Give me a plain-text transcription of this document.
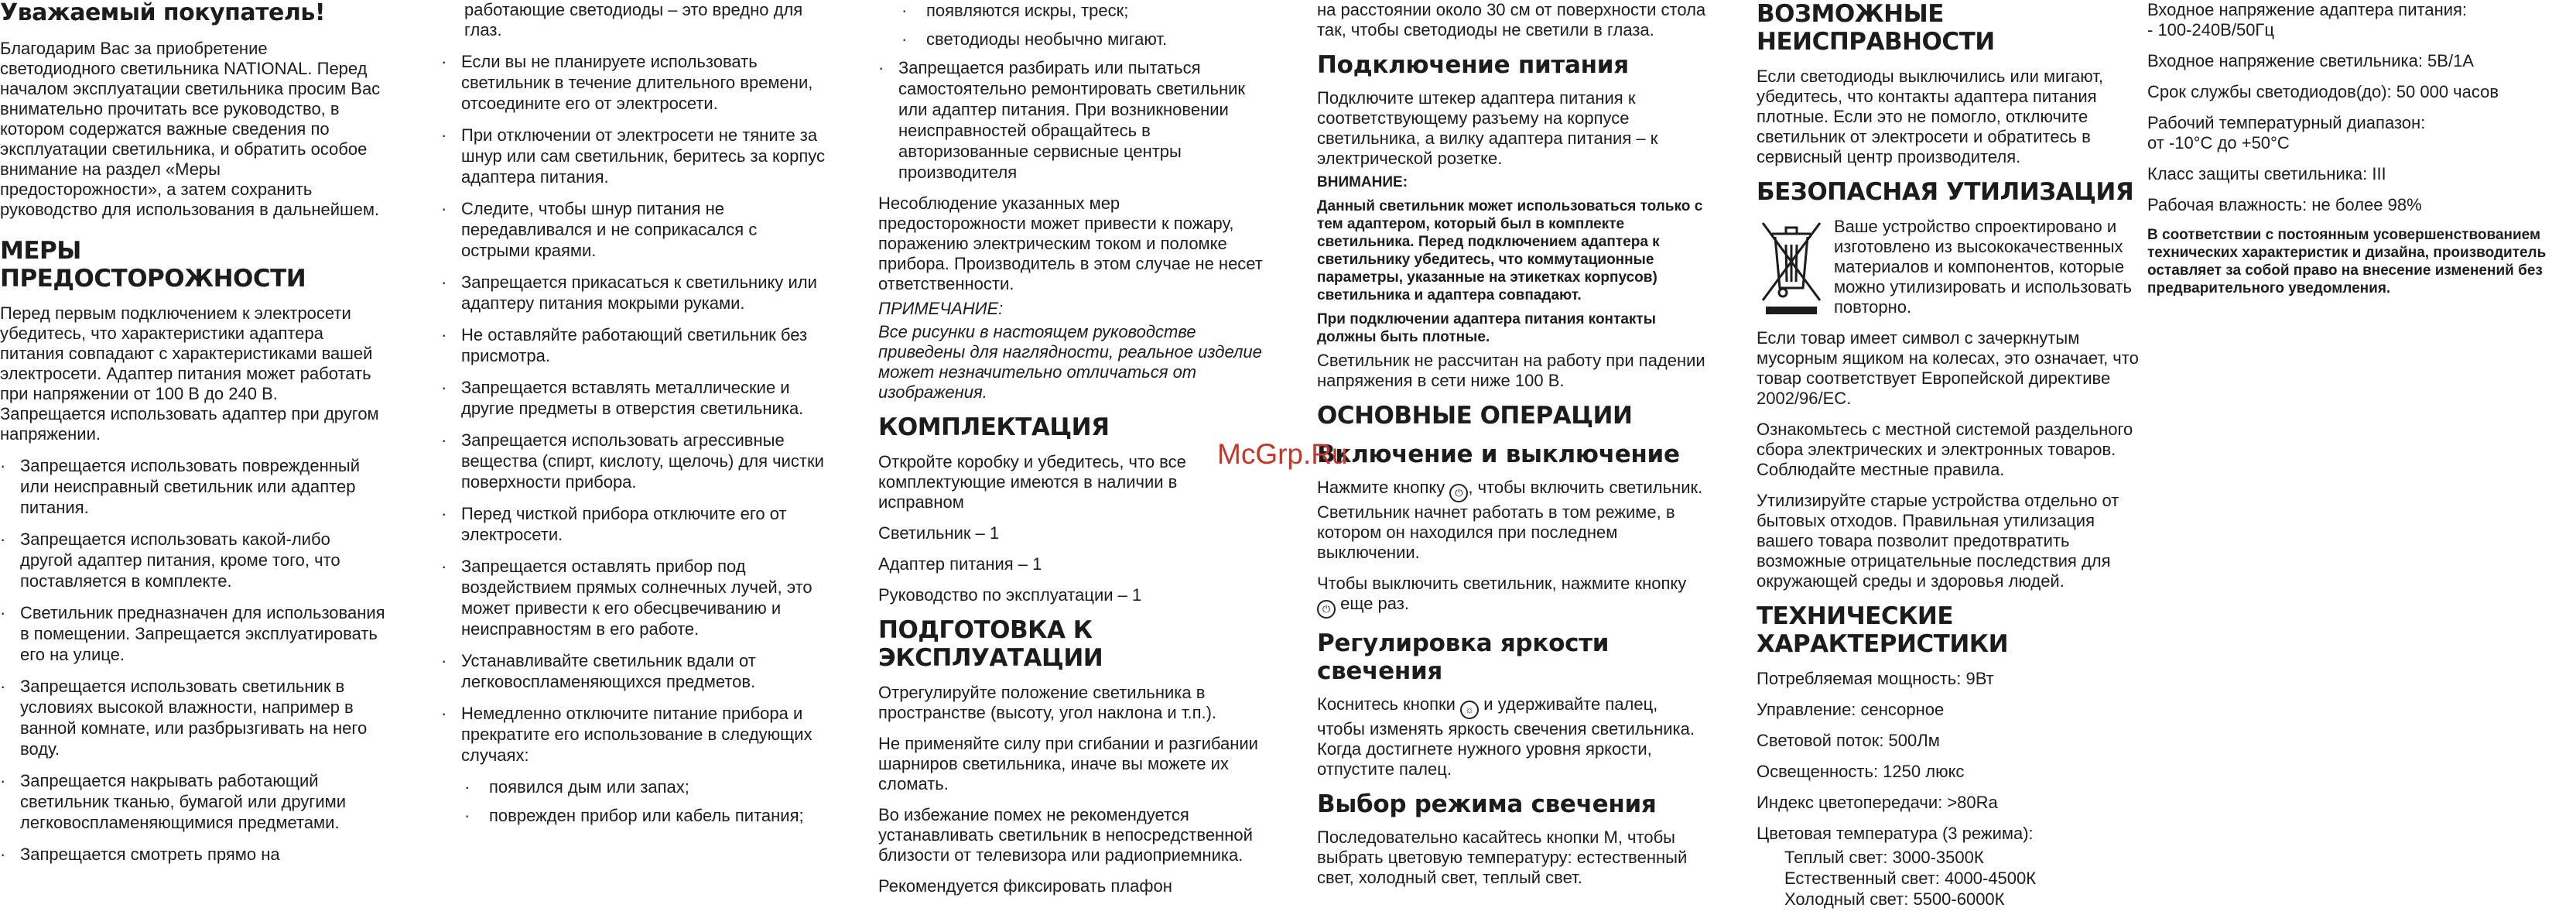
Уважаемый покупатель!

Благодарим Вас за приобретение светодиодного светильника NATIONAL. Перед началом эксплуатации светильника просим Вас внимательно прочитать все руководство, в котором содержатся важные сведения по эксплуатации светильника, и обратить особое внимание на раздел «Меры предосторожности», а затем сохранить руководство для использования в дальнейшем.

МЕРЫ ПРЕДОСТОРОЖНОСТИ

Перед первым подключением к электросети убедитесь, что характеристики адаптера питания совпадают с характеристиками вашей электросети. Адаптер питания может работать при напряжении от 100 В до 240 В. Запрещается использовать адаптер при другом напряжении.

· Запрещается использовать поврежденный или неисправный светильник или адаптер питания.
· Запрещается использовать какой-либо другой адаптер питания, кроме того, что поставляется в комплекте.
· Светильник предназначен для использования в помещении. Запрещается эксплуатировать его на улице.
· Запрещается использовать светильник в условиях высокой влажности, например в ванной комнате, или разбрызгивать на него воду.
· Запрещается накрывать работающий светильник тканью, бумагой или другими легковоспламеняющимися предметами.
· Запрещается смотреть прямо на

работающие светодиоды – это вредно для глаз.

· Если вы не планируете использовать светильник в течение длительного времени, отсоедините его от электросети.
· При отключении от электросети не тяните за шнур или сам светильник, беритесь за корпус адаптера питания.
· Следите, чтобы шнур питания не передавливался и не соприкасался с острыми краями.
· Запрещается прикасаться к светильнику или адаптеру питания мокрыми руками.
· Не оставляйте работающий светильник без присмотра.
· Запрещается вставлять металлические и другие предметы в отверстия светильника.
· Запрещается использовать агрессивные вещества (спирт, кислоту, щелочь) для чистки поверхности прибора.
· Перед чисткой прибора отключите его от электросети.
· Запрещается оставлять прибор под воздействием прямых солнечных лучей, это может привести к его обесцвечиванию и неисправностям в его работе.
· Устанавливайте светильник вдали от легковоспламеняющихся предметов.
· Немедленно отключите питание прибора и прекратите его использование в следующих случаях:
· появился дым или запах;
· поврежден прибор или кабель питания;
· появляются искры, треск;
· светодиоды необычно мигают.
· Запрещается разбирать или пытаться самостоятельно ремонтировать светильник или адаптер питания. При возникновении неисправностей обращайтесь в авторизованные сервисные центры производителя

Несоблюдение указанных мер предосторожности может привести к пожару, поражению электрическим током и поломке прибора. Производитель в этом случае не несет ответственности.

ПРИМЕЧАНИЕ:

Все рисунки в настоящем руководстве приведены для наглядности, реальное изделие может незначительно отличаться от изображения.

КОМПЛЕКТАЦИЯ

Откройте коробку и убедитесь, что все комплектующие имеются в наличии в исправном

Светильник – 1

Адаптер питания – 1

Руководство по эксплуатации – 1

ПОДГОТОВКА К ЭКСПЛУАТАЦИИ

Отрегулируйте положение светильника в пространстве (высоту, угол наклона и т.п.).

Не применяйте силу при сгибании и разгибании шарниров светильника, иначе вы можете их сломать.

Во избежание помех не рекомендуется устанавливать светильник в непосредственной близости от телевизора или радиоприемника.

Рекомендуется фиксировать плафон

на расстоянии около 30 см от поверхности стола так, чтобы светодиоды не светили в глаза.

Подключение питания

Подключите штекер адаптера питания к соответствующему разъему на корпусе светильника, а вилку адаптера питания – к электрической розетке.

ВНИМАНИЕ:

Данный светильник может использоваться только с тем адаптером, который был в комплекте светильника. Перед подключением адаптера к светильнику убедитесь, что коммутационные параметры, указанные на этикетках корпусов) светильника и адаптера совпадают.

При подключении адаптера питания контакты должны быть плотные.

Светильник не рассчитан на работу при падении напряжения в сети ниже 100 В.

ОСНОВНЫЕ ОПЕРАЦИИ
Включение и выключение

Нажмите кнопку ⏻ , чтобы включить светильник. Светильник начнет работать в том режиме, в котором он находился при последнем выключении.

Чтобы выключить светильник, нажмите кнопку ⏻ еще раз.

Регулировка яркости свечения

Коснитесь кнопки ☼ и удерживайте палец, чтобы изменять яркость свечения светильника. Когда достигнете нужного уровня яркости, отпустите палец.

Выбор режима свечения

Последовательно касайтесь кнопки М, чтобы выбрать цветовую температуру: естественный свет, холодный свет, теплый свет.

ВОЗМОЖНЫЕ НЕИСПРАВНОСТИ

Если светодиоды выключились или мигают, убедитесь, что контакты адаптера питания плотные. Если это не помогло, отключите светильник от электросети и обратитесь в сервисный центр производителя.

БЕЗОПАСНАЯ УТИЛИЗАЦИЯ

Ваше устройство спроектировано и изготовлено из высококачественных материалов и компонентов, которые можно утилизировать и использовать повторно.

Если товар имеет символ с зачеркнутым мусорным ящиком на колесах, это означает, что товар соответствует Европейской директиве 2002/96/ЕС.

Ознакомьтесь с местной системой раздельного сбора электрических и электронных товаров. Соблюдайте местные правила.

Утилизируйте старые устройства отдельно от бытовых отходов. Правильная утилизация вашего товара позволит предотвратить возможные отрицательные последствия для окружающей среды и здоровья людей.

ТЕХНИЧЕСКИЕ ХАРАКТЕРИСТИКИ

Потребляемая мощность: 9Вт

Управление: сенсорное

Световой поток: 500Лм

Освещенность: 1250 люкс

Индекс цветопередачи: >80Ra

Цветовая температура (3 режима):

Теплый свет: 3000-3500К

Естественный свет: 4000-4500К

Холодный свет: 5500-6000К

Входное напряжение адаптера питания: - 100-240В/50Гц

Входное напряжение светильника: 5В/1А

Срок службы светодиодов(до): 50 000 часов

Рабочий температурный диапазон: от -10°С до +50°С

Класс защиты светильника: III

Рабочая влажность: не более 98%

В соответствии с постоянным усовершенствованием технических характеристик и дизайна, производитель оставляет за собой право на внесение изменений без предварительного уведомления.

McGrp.Ru
